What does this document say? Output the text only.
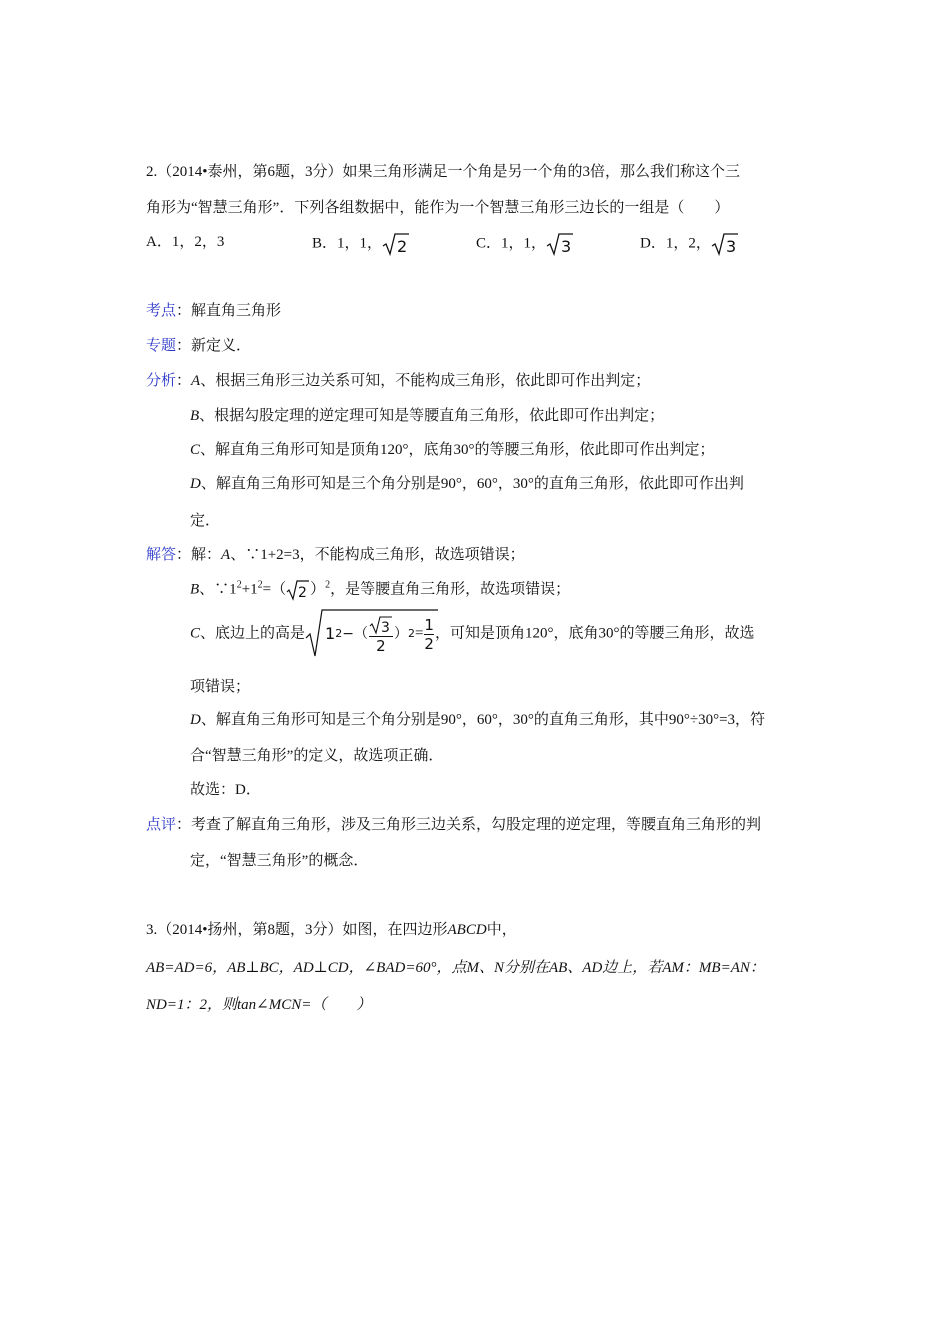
2.（2014•泰州，第6题，3分）如果三角形满足一个角是另一个角的3倍，那么我们称这个三
角形为“智慧三角形”．下列各组数据中，能作为一个智慧三角形三边长的一组是（　　）
A．1，2，3	B．1，1， 2	C．1，1， 3	D．1，2， 3
考点：解直角三角形
专题：新定义．
分析：A、根据三角形三边关系可知，不能构成三角形，依此即可作出判定；
B、根据勾股定理的逆定理可知是等腰直角三角形，依此即可作出判定；
C、解直角三角形可知是顶角120°，底角30°的等腰三角形，依此即可作出判定；
D、解直角三角形可知是三个角分别是90°，60°，30°的直角三角形，依此即可作出判
定．
解答：解：A、∵1+2=3，不能构成三角形，故选项错误；
B、$\because 1^2+1^2=$（ 2 ）$^2$，是等腰直角三角形，故选项错误；
C、底边上的高是 1 2 −（ $\frac{3}{2}$ ） $2 = \frac{1}{2}$ ，可知是顶角120°，底角30°的等腰三角形，故选
项错误；
D、解直角三角形可知是三个角分别是90°，60°，30°的直角三角形，其中90°÷30°=3，符
合“智慧三角形”的定义，故选项正确．
故选：D．
点评：考查了解直角三角形，涉及三角形三边关系，勾股定理的逆定理，等腰直角三角形的判
定，“智慧三角形”的概念．
3.（2014•扬州，第8题，3分）如图，在四边形ABCD中，
AB=AD=6，AB⊥BC，AD⊥CD，∠BAD=60°，点M、N分别在AB、AD边上，若AM：MB=AN：
ND=1：2，则tan∠MCN=（　　）
